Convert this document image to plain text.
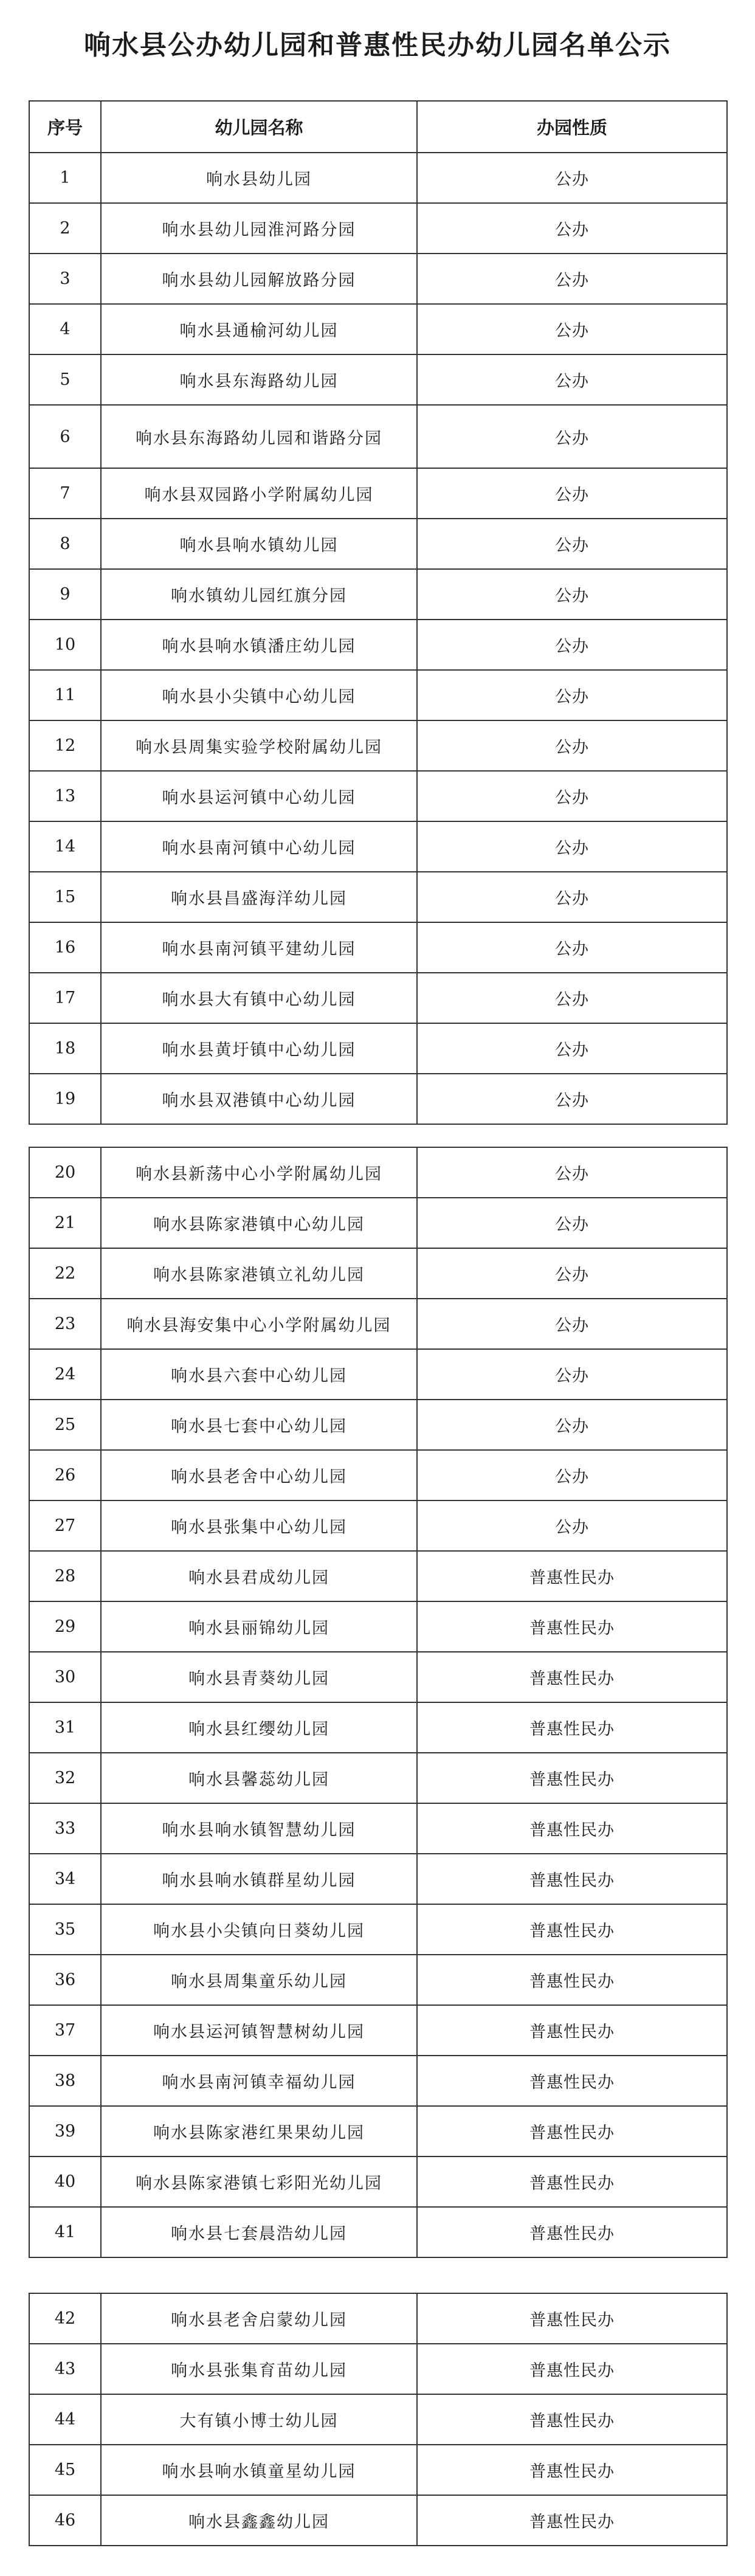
响水县公办幼儿园和普惠性民办幼儿园名单公示
序号	幼儿园名称	办园性质
1	响水县幼儿园	公办
2	响水县幼儿园淮河路分园	公办
3	响水县幼儿园解放路分园	公办
4	响水县通榆河幼儿园	公办
5	响水县东海路幼儿园	公办
6	响水县东海路幼儿园和谐路分园	公办
7	响水县双园路小学附属幼儿园	公办
8	响水县响水镇幼儿园	公办
9	响水镇幼儿园红旗分园	公办
10	响水县响水镇潘庄幼儿园	公办
11	响水县小尖镇中心幼儿园	公办
12	响水县周集实验学校附属幼儿园	公办
13	响水县运河镇中心幼儿园	公办
14	响水县南河镇中心幼儿园	公办
15	响水县昌盛海洋幼儿园	公办
16	响水县南河镇平建幼儿园	公办
17	响水县大有镇中心幼儿园	公办
18	响水县黄圩镇中心幼儿园	公办
19	响水县双港镇中心幼儿园	公办
20	响水县新荡中心小学附属幼儿园	公办
21	响水县陈家港镇中心幼儿园	公办
22	响水县陈家港镇立礼幼儿园	公办
23	响水县海安集中心小学附属幼儿园	公办
24	响水县六套中心幼儿园	公办
25	响水县七套中心幼儿园	公办
26	响水县老舍中心幼儿园	公办
27	响水县张集中心幼儿园	公办
28	响水县君成幼儿园	普惠性民办
29	响水县丽锦幼儿园	普惠性民办
30	响水县青葵幼儿园	普惠性民办
31	响水县红缨幼儿园	普惠性民办
32	响水县馨蕊幼儿园	普惠性民办
33	响水县响水镇智慧幼儿园	普惠性民办
34	响水县响水镇群星幼儿园	普惠性民办
35	响水县小尖镇向日葵幼儿园	普惠性民办
36	响水县周集童乐幼儿园	普惠性民办
37	响水县运河镇智慧树幼儿园	普惠性民办
38	响水县南河镇幸福幼儿园	普惠性民办
39	响水县陈家港红果果幼儿园	普惠性民办
40	响水县陈家港镇七彩阳光幼儿园	普惠性民办
41	响水县七套晨浩幼儿园	普惠性民办
42	响水县老舍启蒙幼儿园	普惠性民办
43	响水县张集育苗幼儿园	普惠性民办
44	大有镇小博士幼儿园	普惠性民办
45	响水县响水镇童星幼儿园	普惠性民办
46	响水县鑫鑫幼儿园	普惠性民办
